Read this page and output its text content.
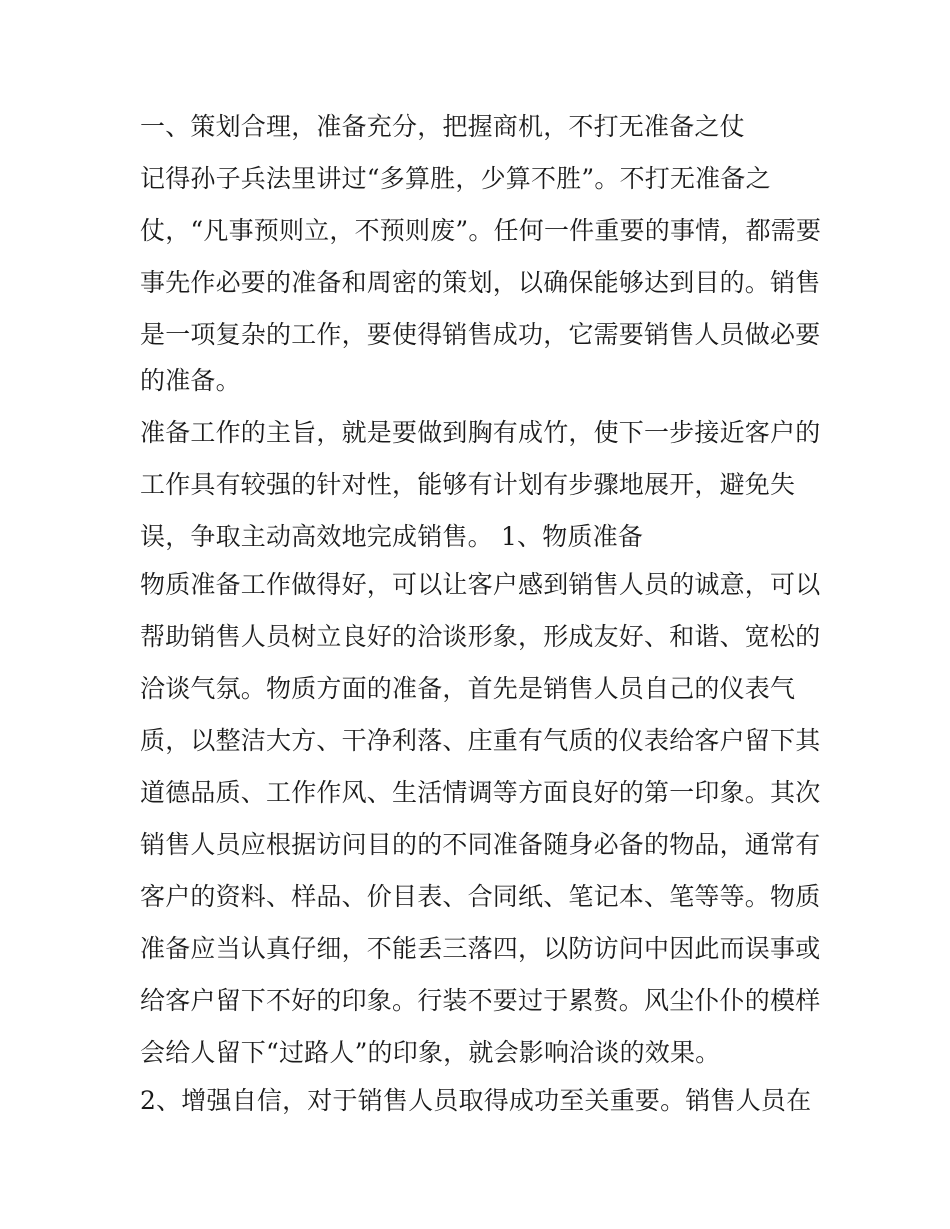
一、策划合理，准备充分，把握商机，不打无准备之仗
记得孙子兵法里讲过“多算胜，少算不胜”。不打无准备之
仗，“凡事预则立，不预则废”。任何一件重要的事情，都需要
事先作必要的准备和周密的策划，以确保能够达到目的。销售
是一项复杂的工作，要使得销售成功，它需要销售人员做必要
的准备。
准备工作的主旨，就是要做到胸有成竹，使下一步接近客户的
工作具有较强的针对性，能够有计划有步骤地展开，避免失
误，争取主动高效地完成销售。 1、物质准备
物质准备工作做得好，可以让客户感到销售人员的诚意，可以
帮助销售人员树立良好的洽谈形象，形成友好、和谐、宽松的
洽谈气氛。物质方面的准备，首先是销售人员自己的仪表气
质，以整洁大方、干净利落、庄重有气质的仪表给客户留下其
道德品质、工作作风、生活情调等方面良好的第一印象。其次
销售人员应根据访问目的的不同准备随身必备的物品，通常有
客户的资料、样品、价目表、合同纸、笔记本、笔等等。物质
准备应当认真仔细，不能丢三落四，以防访问中因此而误事或
给客户留下不好的印象。行装不要过于累赘。风尘仆仆的模样
会给人留下“过路人”的印象，就会影响洽谈的效果。
2、增强自信，对于销售人员取得成功至关重要。销售人员在
